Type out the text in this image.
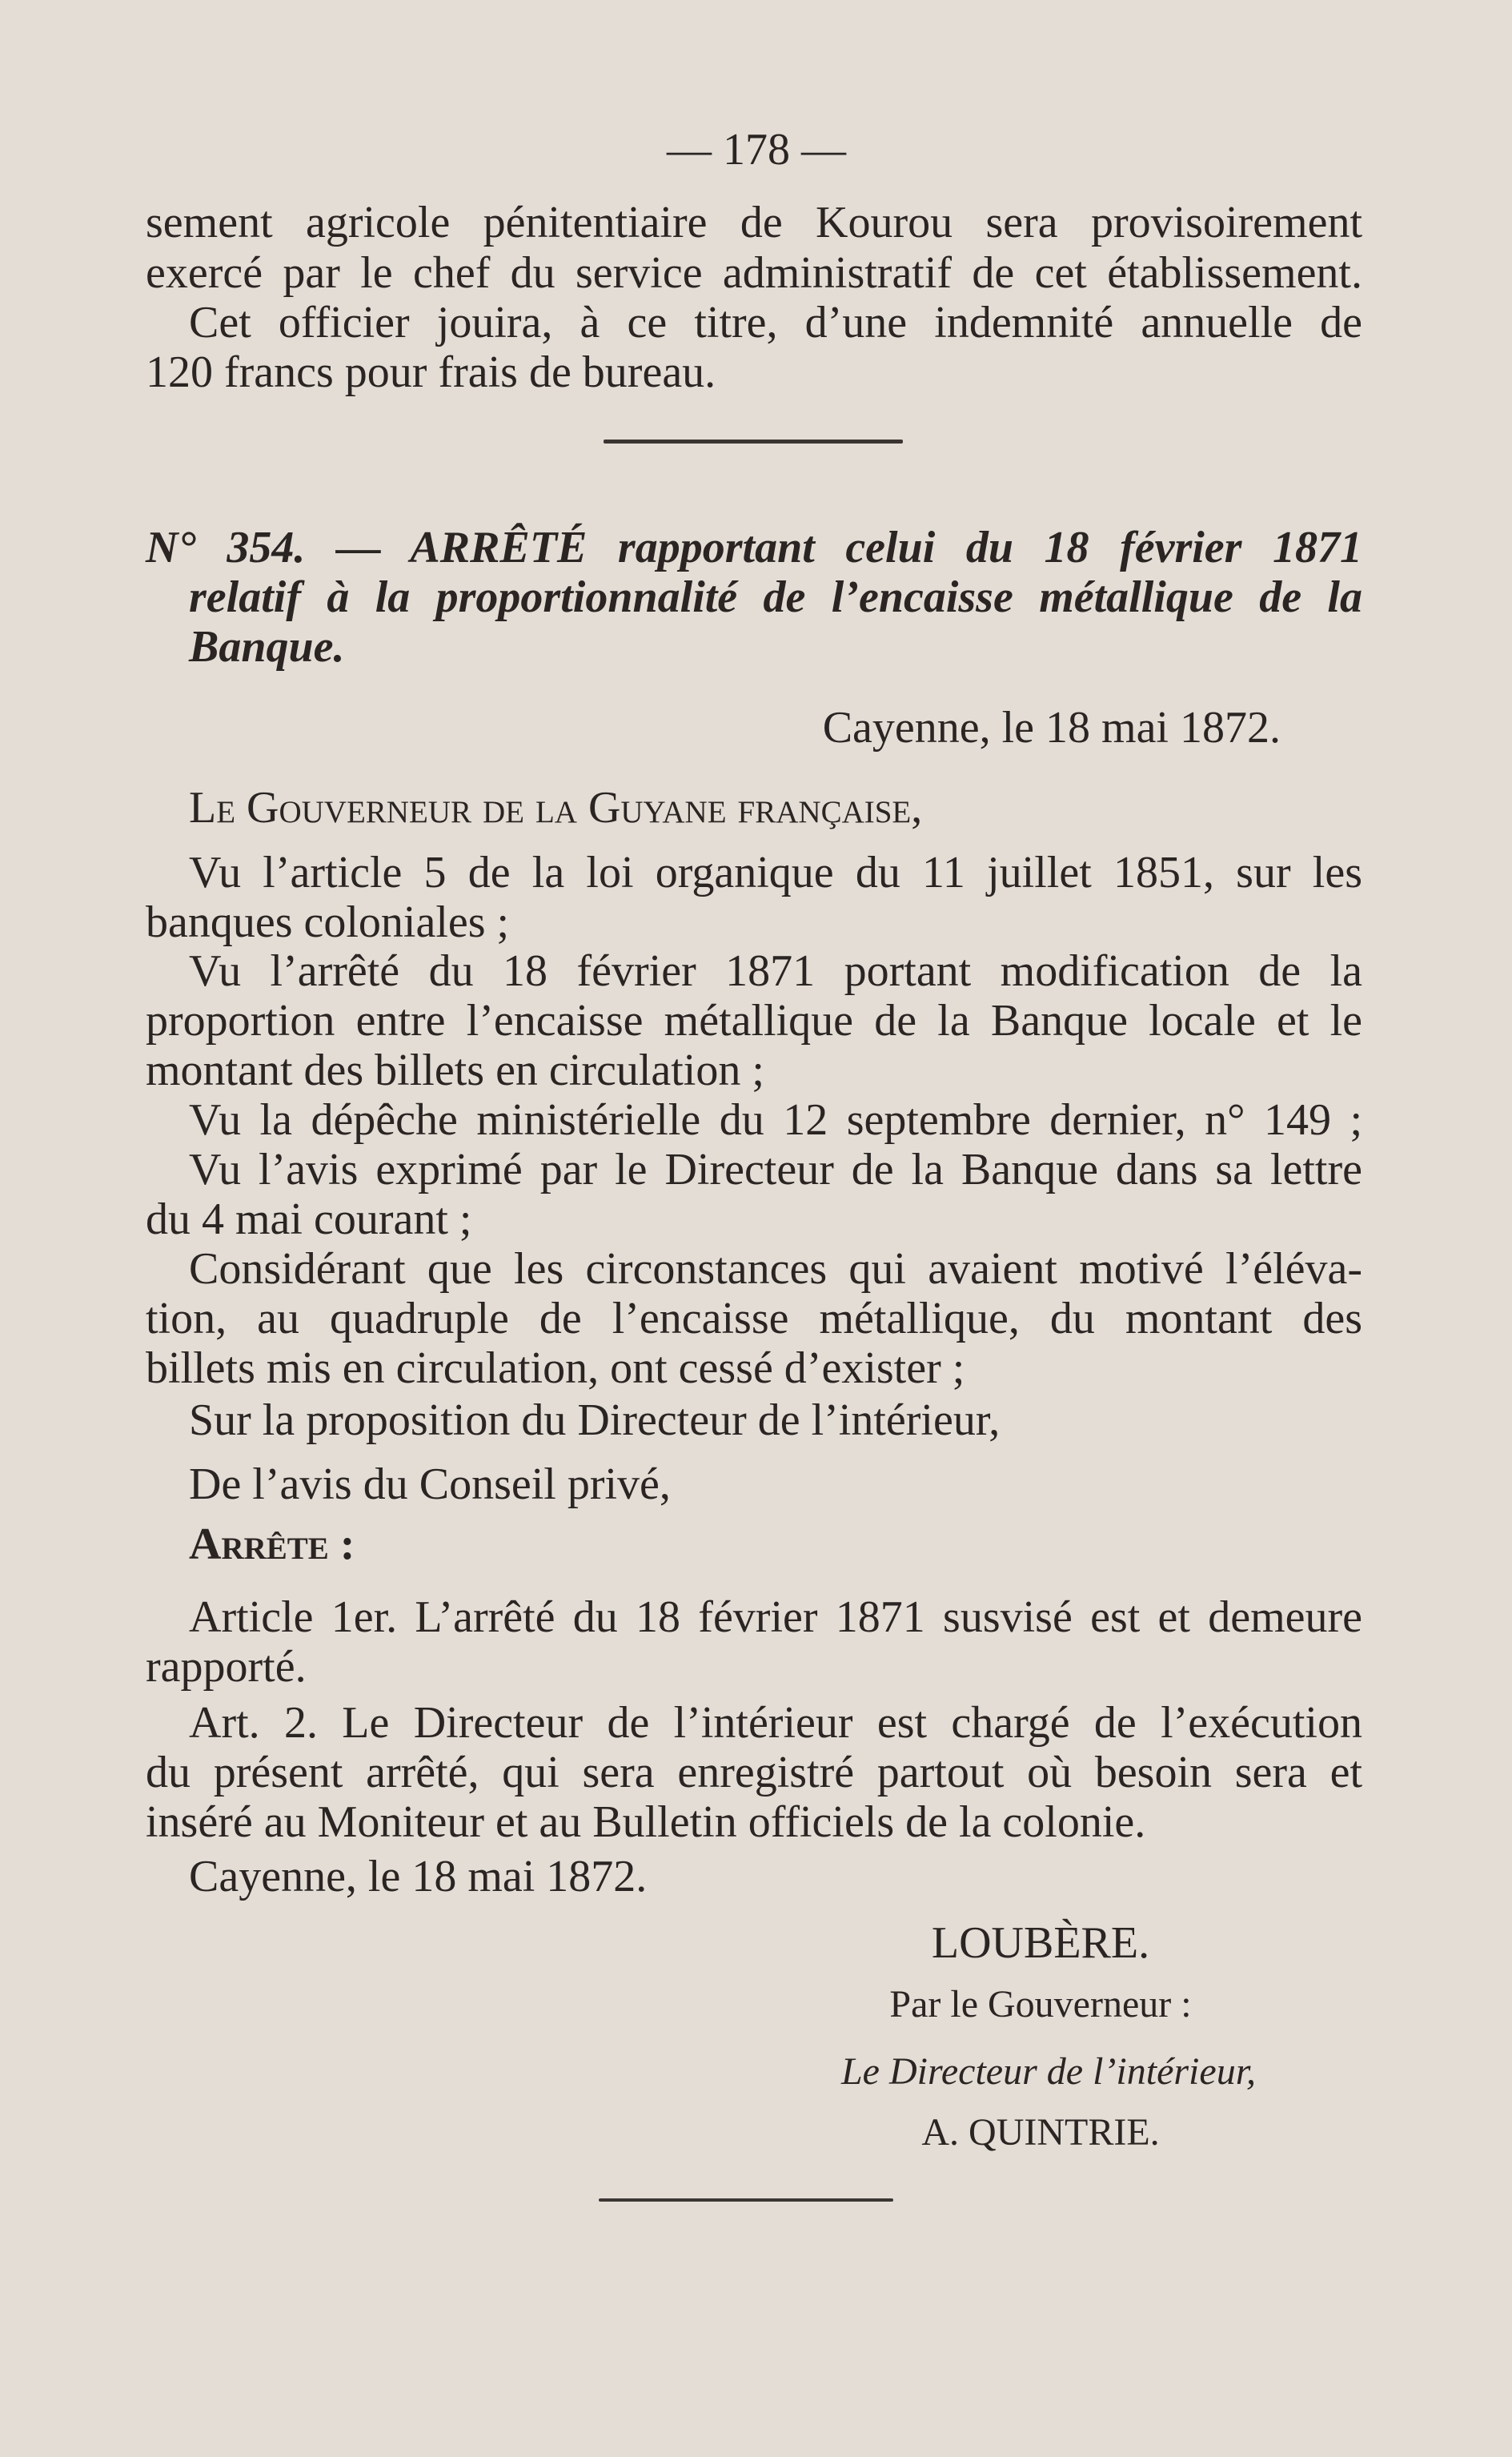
— 178 —
sement agricole pénitentiaire de Kourou sera provisoirement
exercé par le chef du service administratif de cet établissement.
Cet officier jouira, à ce titre, d’une indemnité annuelle de
120 francs pour frais de bureau.
N° 354. — ARRÊTÉ rapportant celui du 18 février 1871
relatif à la proportionnalité de l’encaisse métallique de la
Banque.
Cayenne, le 18 mai 1872.
Le Gouverneur de la Guyane française,
Vu l’article 5 de la loi organique du 11 juillet 1851, sur les
banques coloniales ;
Vu l’arrêté du 18 février 1871 portant modification de la
proportion entre l’encaisse métallique de la Banque locale et le
montant des billets en circulation ;
Vu la dépêche ministérielle du 12 septembre dernier, n° 149 ;
Vu l’avis exprimé par le Directeur de la Banque dans sa lettre
du 4 mai courant ;
Considérant que les circonstances qui avaient motivé l’éléva-
tion, au quadruple de l’encaisse métallique, du montant des
billets mis en circulation, ont cessé d’exister ;
Sur la proposition du Directeur de l’intérieur,
De l’avis du Conseil privé,
Arrête :
Article 1er. L’arrêté du 18 février 1871 susvisé est et demeure
rapporté.
Art. 2. Le Directeur de l’intérieur est chargé de l’exécution
du présent arrêté, qui sera enregistré partout où besoin sera et
inséré au Moniteur et au Bulletin officiels de la colonie.
Cayenne, le 18 mai 1872.
LOUBÈRE.
Par le Gouverneur :
Le Directeur de l’intérieur,
A. QUINTRIE.
